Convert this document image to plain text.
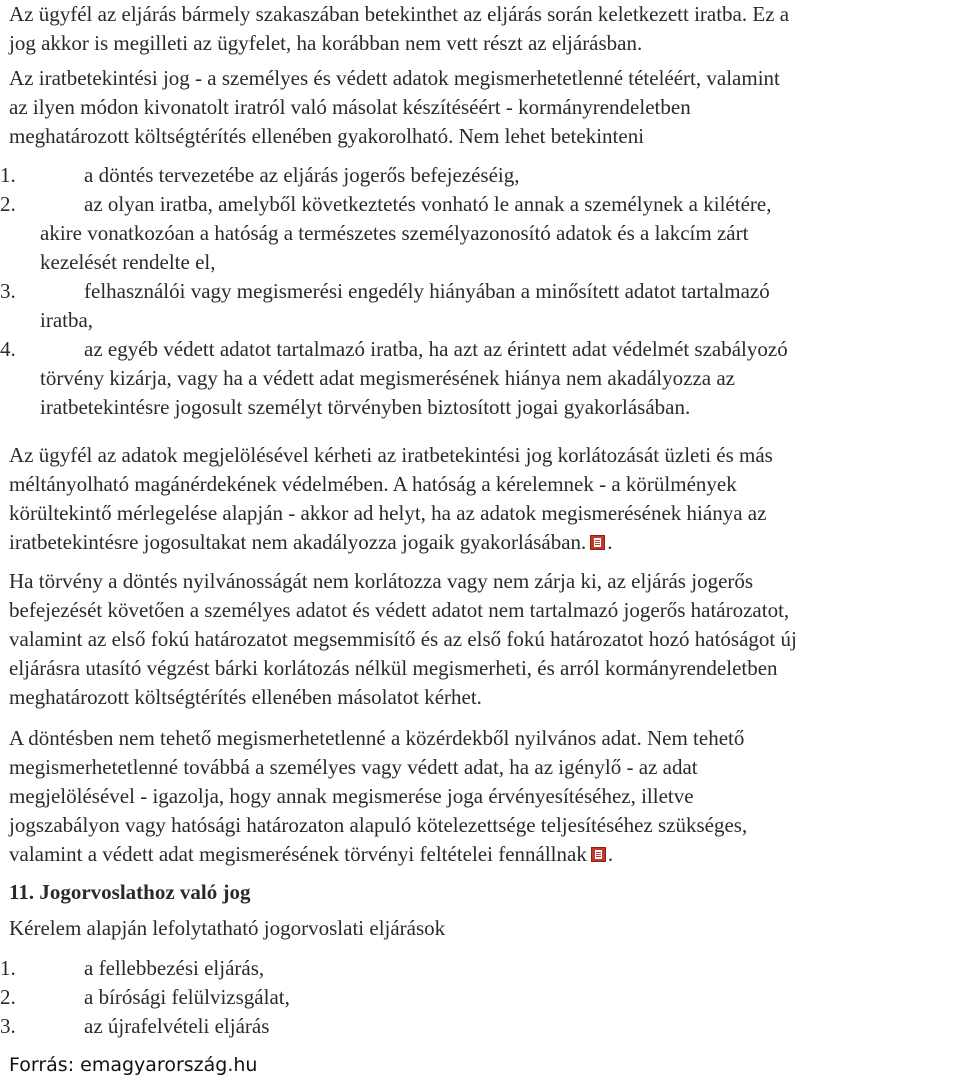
Az ügyfél az eljárás bármely szakaszában betekinthet az eljárás során keletkezett iratba. Ez a
jog akkor is megilleti az ügyfelet, ha korábban nem vett részt az eljárásban.
Az iratbetekintési jog - a személyes és védett adatok megismerhetetlenné tételéért, valamint
az ilyen módon kivonatolt iratról való másolat készítéséért - kormányrendeletben
meghatározott költségtérítés ellenében gyakorolható. Nem lehet betekinteni
1.	a döntés tervezetébe az eljárás jogerős befejezéséig,
2.	az olyan iratba, amelyből következtetés vonható le annak a személynek a kilétére,
akire vonatkozóan a hatóság a természetes személyazonosító adatok és a lakcím zárt
kezelését rendelte el,
3.	felhasználói vagy megismerési engedély hiányában a minősített adatot tartalmazó
iratba,
4.	az egyéb védett adatot tartalmazó iratba, ha azt az érintett adat védelmét szabályozó
törvény kizárja, vagy ha a védett adat megismerésének hiánya nem akadályozza az
iratbetekintésre jogosult személyt törvényben biztosított jogai gyakorlásában.
Az ügyfél az adatok megjelölésével kérheti az iratbetekintési jog korlátozását üzleti és más
méltányolható magánérdekének védelmében. A hatóság a kérelemnek - a körülmények
körültekintő mérlegelése alapján - akkor ad helyt, ha az adatok megismerésének hiánya az
iratbetekintésre jogosultakat nem akadályozza jogaik gyakorlásában. .
Ha törvény a döntés nyilvánosságát nem korlátozza vagy nem zárja ki, az eljárás jogerős
befejezését követően a személyes adatot és védett adatot nem tartalmazó jogerős határozatot,
valamint az első fokú határozatot megsemmisítő és az első fokú határozatot hozó hatóságot új
eljárásra utasító végzést bárki korlátozás nélkül megismerheti, és arról kormányrendeletben
meghatározott költségtérítés ellenében másolatot kérhet.
A döntésben nem tehető megismerhetetlenné a közérdekből nyilvános adat. Nem tehető
megismerhetetlenné továbbá a személyes vagy védett adat, ha az igénylő - az adat
megjelölésével - igazolja, hogy annak megismerése joga érvényesítéséhez, illetve
jogszabályon vagy hatósági határozaton alapuló kötelezettsége teljesítéséhez szükséges,
valamint a védett adat megismerésének törvényi feltételei fennállnak .
11. Jogorvoslathoz való jog
Kérelem alapján lefolytatható jogorvoslati eljárások
1.	a fellebbezési eljárás,
2.	a bírósági felülvizsgálat,
3.	az újrafelvételi eljárás
Forrás: emagyarország.hu
